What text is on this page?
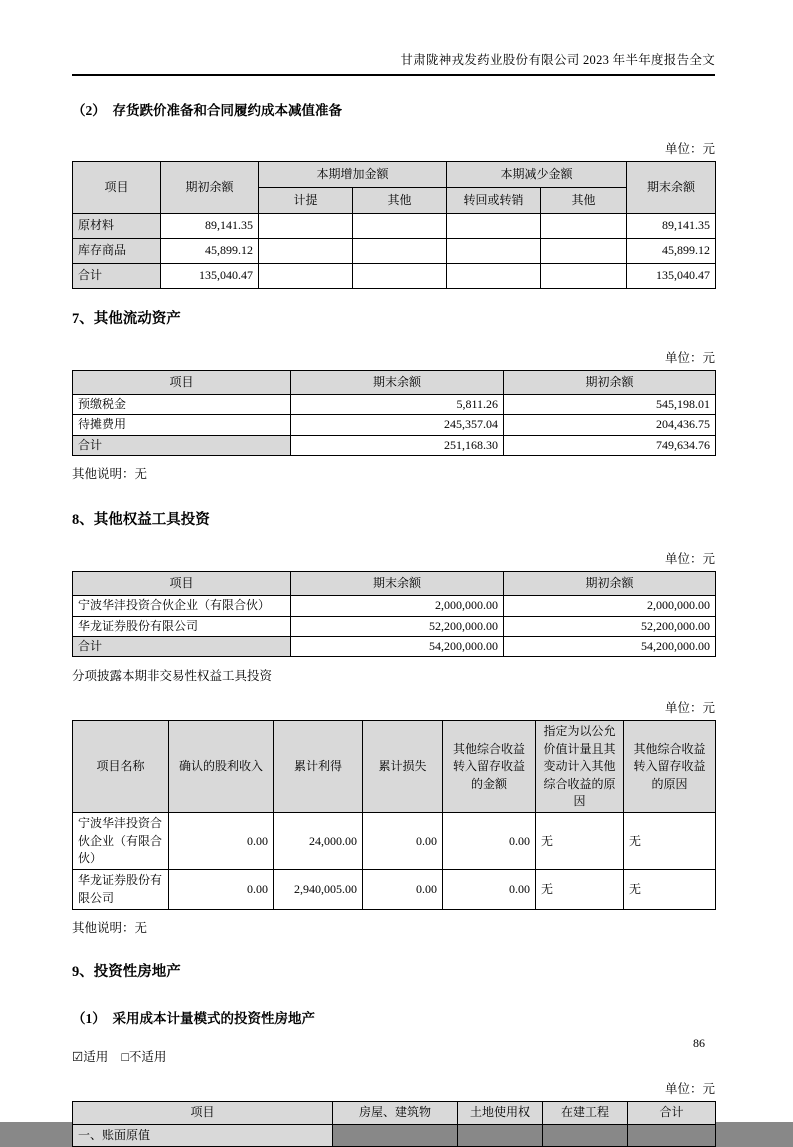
甘肃陇神戎发药业股份有限公司 2023 年半年度报告全文
（2）　存货跌价准备和合同履约成本减值准备
单位：元
项目	期初余额	本期增加金额		本期减少金额		期末余额
		计提	其他	转回或转销	其他	
原材料	89,141.35					89,141.35
库存商品	45,899.12					45,899.12
合计	135,040.47					135,040.47
7、其他流动资产
单位：元
项目	期末余额	期初余额
预缴税金	5,811.26	545,198.01
待摊费用	245,357.04	204,436.75
合计	251,168.30	749,634.76
其他说明：无
8、其他权益工具投资
单位：元
项目	期末余额	期初余额
宁波华沣投资合伙企业（有限合伙）	2,000,000.00	2,000,000.00
华龙证券股份有限公司	52,200,000.00	52,200,000.00
合计	54,200,000.00	54,200,000.00
分项披露本期非交易性权益工具投资
单位：元
项目名称	确认的股利收入	累计利得	累计损失	其他综合收益转入留存收益的金额	指定为以公允价值计量且其变动计入其他综合收益的原因	其他综合收益转入留存收益的原因
宁波华沣投资合伙企业（有限合伙）	0.00	24,000.00	0.00	0.00	无	无
华龙证券股份有限公司	0.00	2,940,005.00	0.00	0.00	无	无
其他说明：无
9、投资性房地产
（1）　采用成本计量模式的投资性房地产
☑适用 □不适用
单位：元
项目	房屋、建筑物	土地使用权	在建工程	合计
一、账面原值				
86
